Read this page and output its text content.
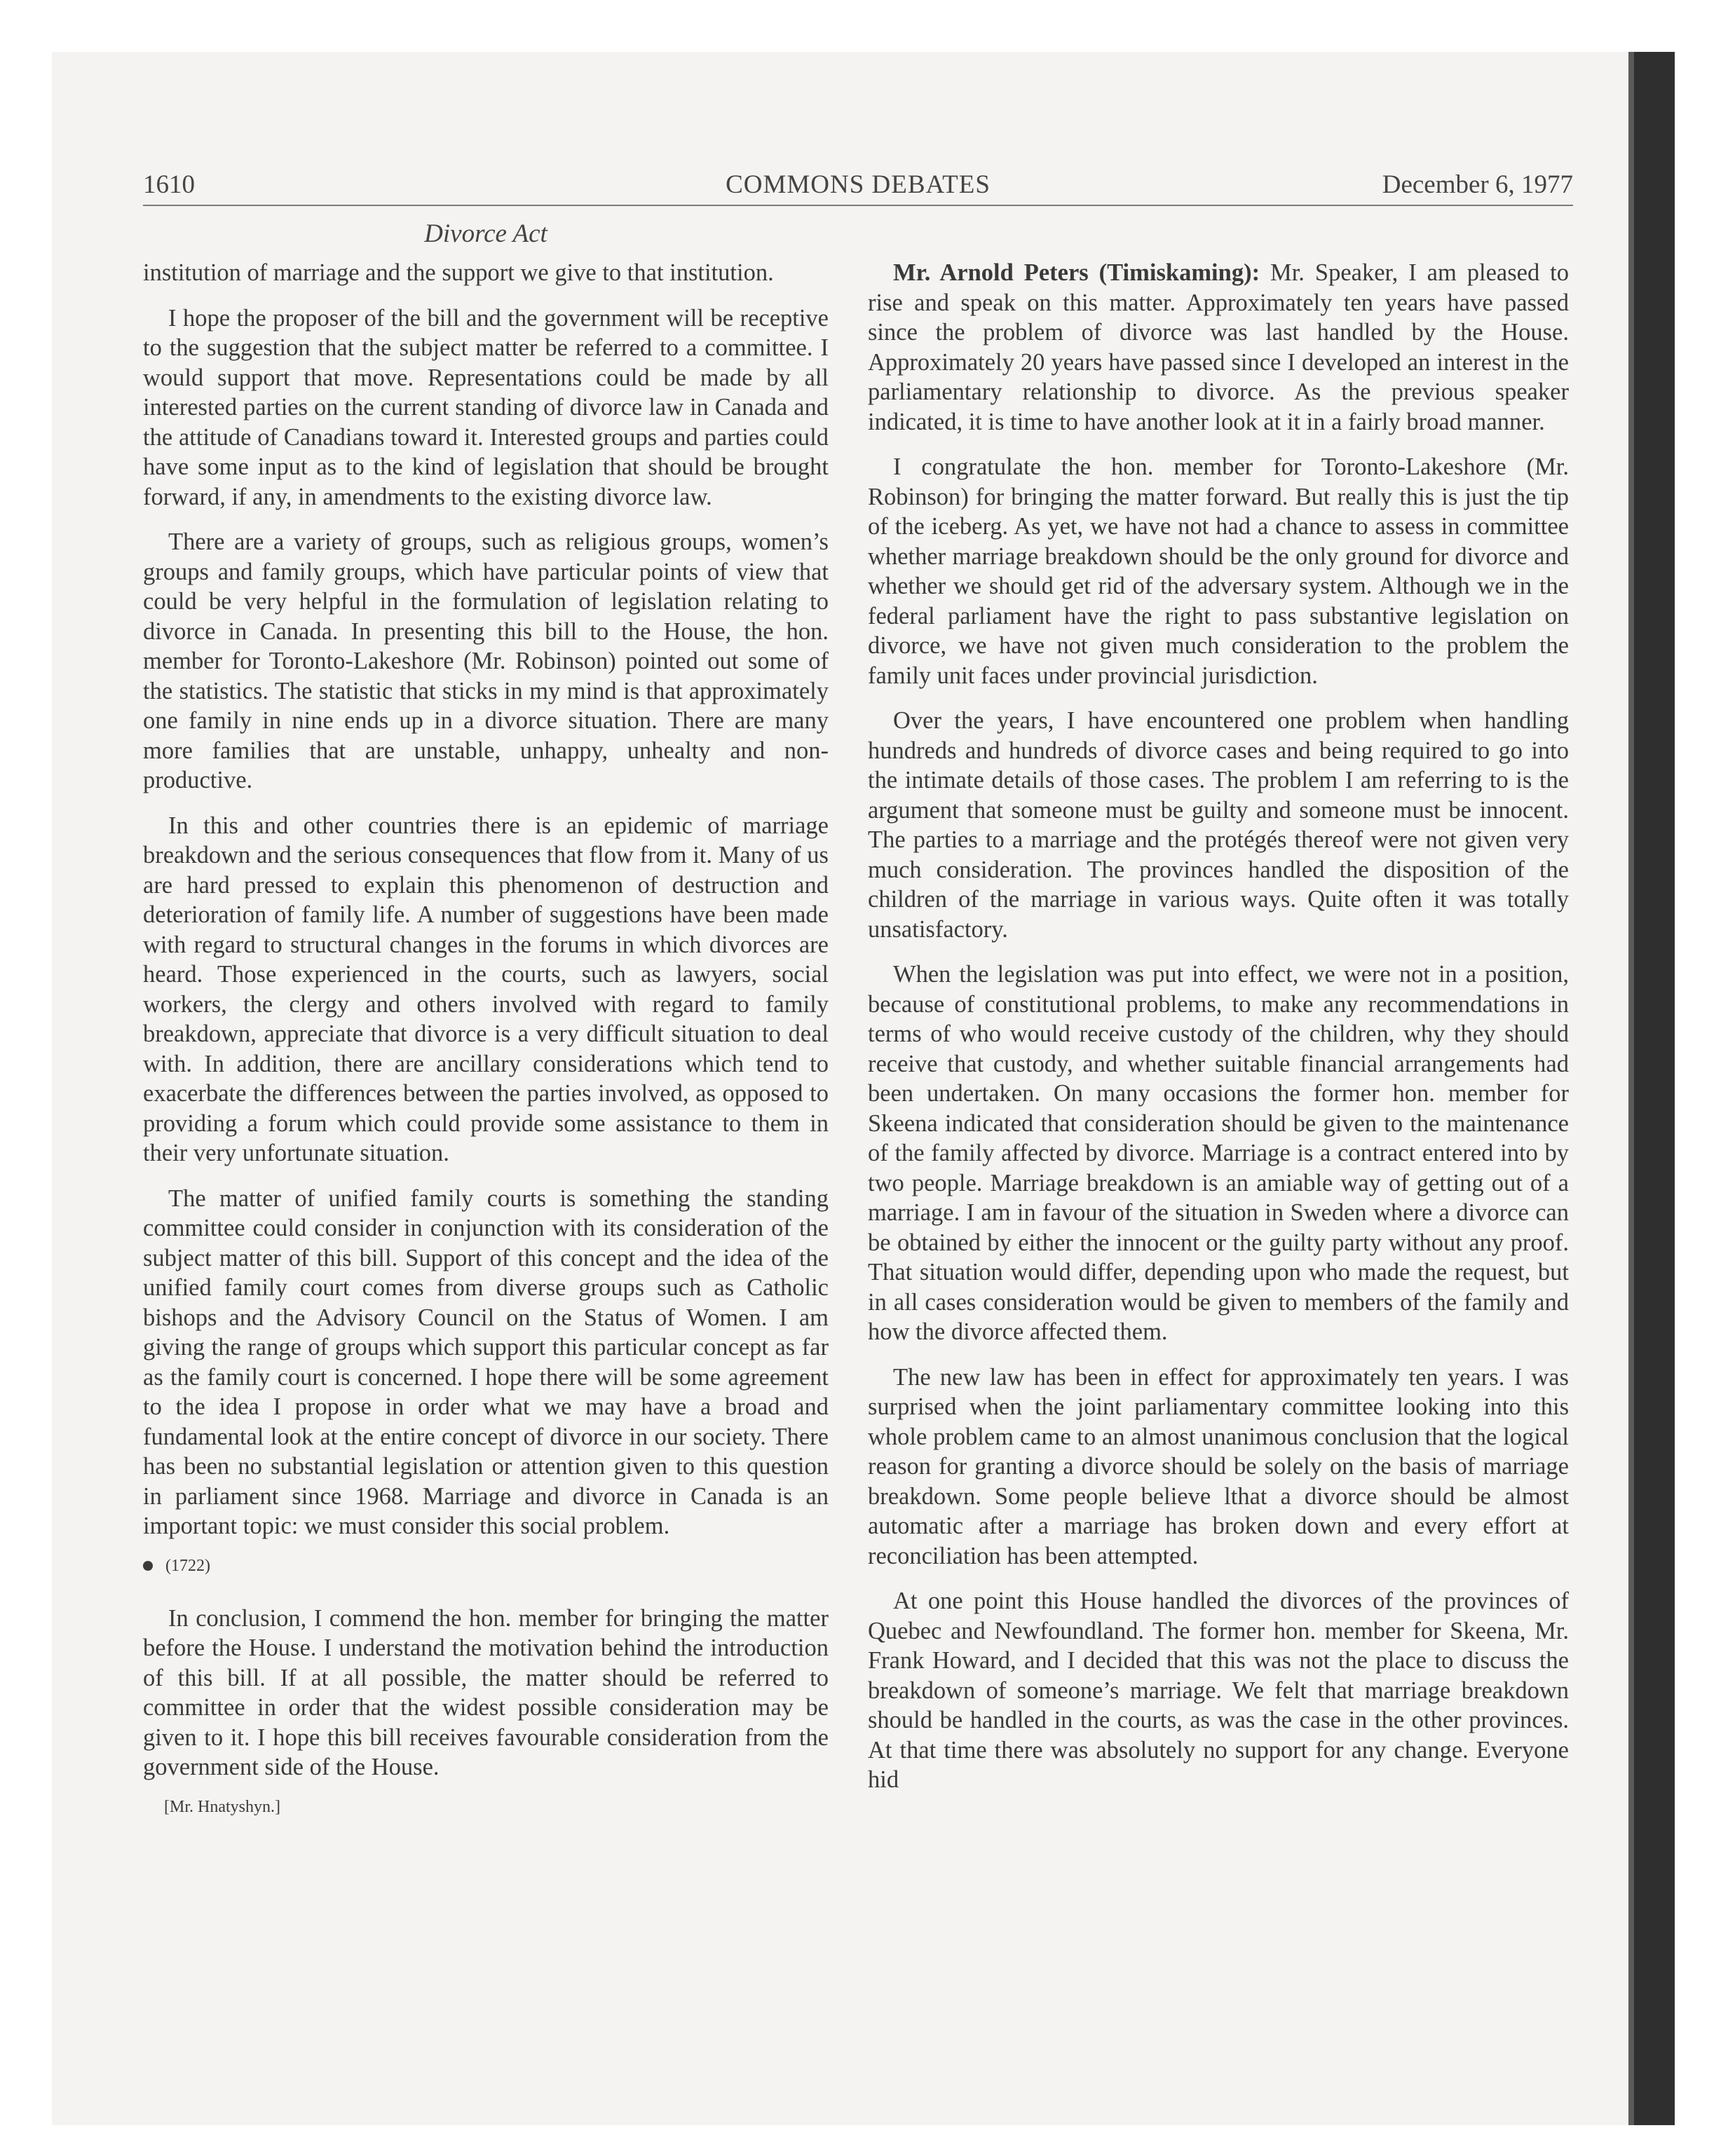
1610	COMMONS DEBATES	December 6, 1977
Divorce Act

institution of marriage and the support we give to that institution.

I hope the proposer of the bill and the government will be receptive to the suggestion that the subject matter be referred to a committee. I would support that move. Representations could be made by all interested parties on the current standing of divorce law in Canada and the attitude of Canadians toward it. Interested groups and parties could have some input as to the kind of legislation that should be brought forward, if any, in amendments to the existing divorce law.

There are a variety of groups, such as religious groups, women’s groups and family groups, which have particular points of view that could be very helpful in the formulation of legislation relating to divorce in Canada. In presenting this bill to the House, the hon. member for Toronto-Lakeshore (Mr. Robinson) pointed out some of the statistics. The statistic that sticks in my mind is that approximately one family in nine ends up in a divorce situation. There are many more families that are unstable, unhappy, unhealty and non-productive.

In this and other countries there is an epidemic of marriage breakdown and the serious consequences that flow from it. Many of us are hard pressed to explain this phenomenon of destruction and deterioration of family life. A number of suggestions have been made with regard to structural changes in the forums in which divorces are heard. Those experienced in the courts, such as lawyers, social workers, the clergy and others involved with regard to family breakdown, appreciate that divorce is a very difficult situation to deal with. In addition, there are ancillary considerations which tend to exacerbate the differences between the parties involved, as opposed to providing a forum which could provide some assistance to them in their very unfortunate situation.

The matter of unified family courts is something the standing committee could consider in conjunction with its consideration of the subject matter of this bill. Support of this concept and the idea of the unified family court comes from diverse groups such as Catholic bishops and the Advisory Council on the Status of Women. I am giving the range of groups which support this particular concept as far as the family court is concerned. I hope there will be some agreement to the idea I propose in order what we may have a broad and fundamental look at the entire concept of divorce in our society. There has been no substantial legislation or attention given to this question in parliament since 1968. Marriage and divorce in Canada is an important topic: we must consider this social problem.

(1722)

In conclusion, I commend the hon. member for bringing the matter before the House. I understand the motivation behind the introduction of this bill. If at all possible, the matter should be referred to committee in order that the widest possible consideration may be given to it. I hope this bill receives favourable consideration from the government side of the House.

[Mr. Hnatyshyn.]

Mr. Arnold Peters (Timiskaming): Mr. Speaker, I am pleased to rise and speak on this matter. Approximately ten years have passed since the problem of divorce was last handled by the House. Approximately 20 years have passed since I developed an interest in the parliamentary relationship to divorce. As the previous speaker indicated, it is time to have another look at it in a fairly broad manner.

I congratulate the hon. member for Toronto-Lakeshore (Mr. Robinson) for bringing the matter forward. But really this is just the tip of the iceberg. As yet, we have not had a chance to assess in committee whether marriage breakdown should be the only ground for divorce and whether we should get rid of the adversary system. Although we in the federal parliament have the right to pass substantive legislation on divorce, we have not given much consideration to the problem the family unit faces under provincial jurisdiction.

Over the years, I have encountered one problem when handling hundreds and hundreds of divorce cases and being required to go into the intimate details of those cases. The problem I am referring to is the argument that someone must be guilty and someone must be innocent. The parties to a marriage and the protégés thereof were not given very much consideration. The provinces handled the disposition of the children of the marriage in various ways. Quite often it was totally unsatisfactory.

When the legislation was put into effect, we were not in a position, because of constitutional problems, to make any recommendations in terms of who would receive custody of the children, why they should receive that custody, and whether suitable financial arrangements had been undertaken. On many occasions the former hon. member for Skeena indicated that consideration should be given to the maintenance of the family affected by divorce. Marriage is a contract entered into by two people. Marriage breakdown is an amiable way of getting out of a marriage. I am in favour of the situation in Sweden where a divorce can be obtained by either the innocent or the guilty party without any proof. That situation would differ, depending upon who made the request, but in all cases consideration would be given to members of the family and how the divorce affected them.

The new law has been in effect for approximately ten years. I was surprised when the joint parliamentary committee looking into this whole problem came to an almost unanimous conclusion that the logical reason for granting a divorce should be solely on the basis of marriage breakdown. Some people believe lthat a divorce should be almost automatic after a marriage has broken down and every effort at reconciliation has been attempted.

At one point this House handled the divorces of the provinces of Quebec and Newfoundland. The former hon. member for Skeena, Mr. Frank Howard, and I decided that this was not the place to discuss the breakdown of someone’s marriage. We felt that marriage breakdown should be handled in the courts, as was the case in the other provinces. At that time there was absolutely no support for any change. Everyone hid
